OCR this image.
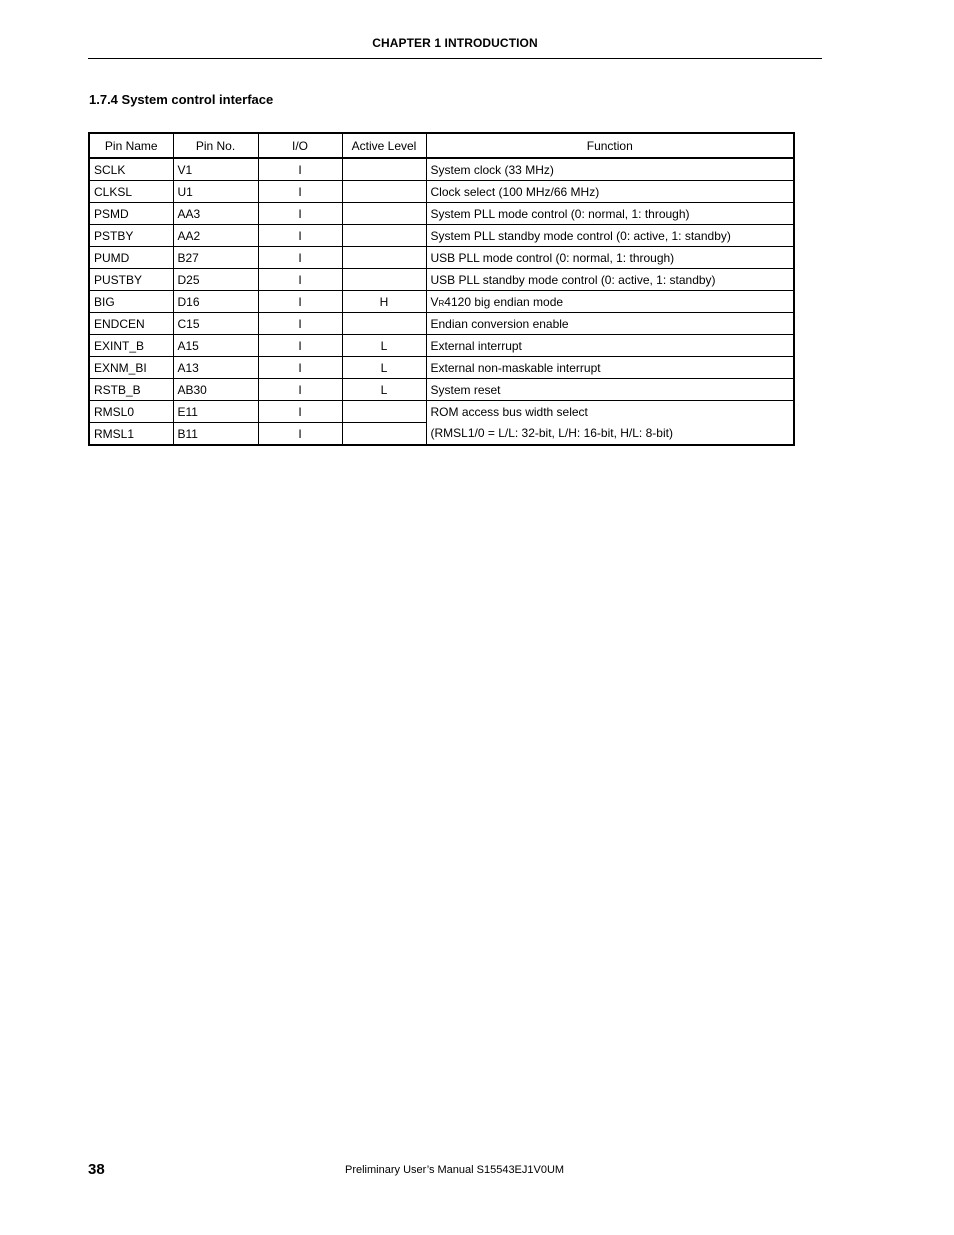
CHAPTER 1 INTRODUCTION
1.7.4 System control interface
Pin Name	Pin No.	I/O	Active Level	Function
SCLK	V1	I		System clock (33 MHz)
CLKSL	U1	I		Clock select (100 MHz/66 MHz)
PSMD	AA3	I		System PLL mode control (0: normal, 1: through)
PSTBY	AA2	I		System PLL standby mode control (0: active, 1: standby)
PUMD	B27	I		USB PLL mode control (0: normal, 1: through)
PUSTBY	D25	I		USB PLL standby mode control (0: active, 1: standby)
BIG	D16	I	H	VR4120 big endian mode
ENDCEN	C15	I		Endian conversion enable
EXINT_B	A15	I	L	External interrupt
EXNM_BI	A13	I	L	External non-maskable interrupt
RSTB_B	AB30	I	L	System reset
RMSL0	E11	I		ROM access bus width select
RMSL1	B11	I		(RMSL1/0 = L/L: 32-bit, L/H: 16-bit, H/L: 8-bit)
38	Preliminary User’s Manual S15543EJ1V0UM
